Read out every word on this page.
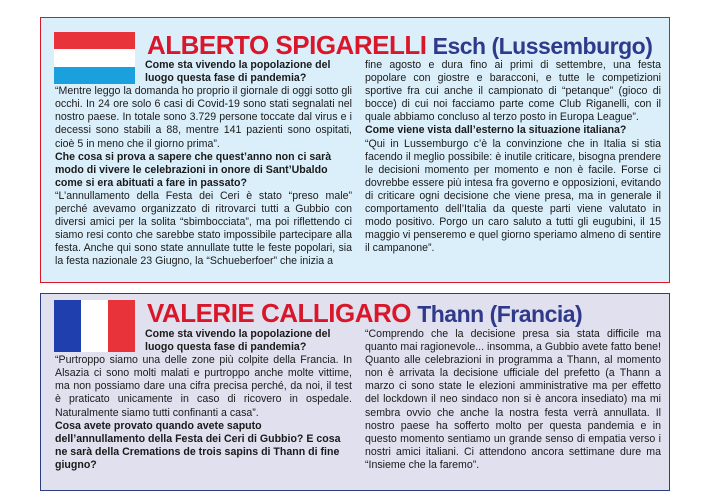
ALBERTO SPIGARELLI Esch (Lussemburgo)

Come sta vivendo la popolazione del luogo questa fase di pandemia?

“Mentre leggo la domanda ho proprio il giornale di oggi sotto gli occhi. In 24 ore solo 6 casi di Covid-19 sono stati segnalati nel nostro paese. In totale sono 3.729 persone toccate dal virus e i decessi sono stabili a 88, mentre 141 pazienti sono ospitati, cioè 5 in meno che il giorno prima”.

Che cosa si prova a sapere che quest’anno non ci sarà modo di vivere le celebrazioni in onore di Sant’Ubaldo come si era abituati a fare in passato?

“L’annullamento della Festa dei Ceri è stato “preso male” perché avevamo organizzato di ritrovarci tutti a Gubbio con diversi amici per la solita “sbimbocciata”, ma poi riflettendo ci siamo resi conto che sarebbe stato impossibile partecipare alla festa. Anche qui sono state annullate tutte le feste popolari, sia la festa nazionale 23 Giugno, la “Schueberfoer” che inizia a

fine agosto e dura fino ai primi di settembre, una festa popolare con giostre e baracconi, e tutte le competizioni sportive fra cui anche il campionato di “petanque” (gioco di bocce) di cui noi facciamo parte come Club Riganelli, con il quale abbiamo concluso al terzo posto in Europa League”.

Come viene vista dall’esterno la situazione italiana?

“Qui in Lussemburgo c’è la convinzione che in Italia si stia facendo il meglio possibile: è inutile criticare, bisogna prendere le decisioni momento per momento e non è facile. Forse ci dovrebbe essere più intesa fra governo e opposizioni, evitando di criticare ogni decisione che viene presa, ma in generale il comportamento dell’Italia da queste parti viene valutato in modo positivo. Porgo un caro saluto a tutti gli eugubini, il 15 maggio vi penseremo e quel giorno speriamo almeno di sentire il campanone”.

VALERIE CALLIGARO Thann (Francia)

Come sta vivendo la popolazione del luogo questa fase di pandemia?

“Purtroppo siamo una delle zone più colpite della Francia. In Alsazia ci sono molti malati e purtroppo anche molte vittime, ma non possiamo dare una cifra precisa perché, da noi, il test è praticato unicamente in caso di ricovero in ospedale. Naturalmente siamo tutti confinanti a casa”.

Cosa avete provato quando avete saputo dell’annullamento della Festa dei Ceri di Gubbio? E cosa ne sarà della Cremations de trois sapins di Thann di fine giugno?

“Comprendo che la decisione presa sia stata difficile ma quanto mai ragionevole... insomma, a Gubbio avete fatto bene! Quanto alle celebrazioni in programma a Thann, al momento non è arrivata la decisione ufficiale del prefetto (a Thann a marzo ci sono state le elezioni amministrative ma per effetto del lockdown il neo sindaco non si è ancora insediato) ma mi sembra ovvio che anche la nostra festa verrà annullata. Il nostro paese ha sofferto molto per questa pandemia e in questo momento sentiamo un grande senso di empatia verso i nostri amici italiani. Ci attendono ancora settimane dure ma “Insieme che la faremo”.
